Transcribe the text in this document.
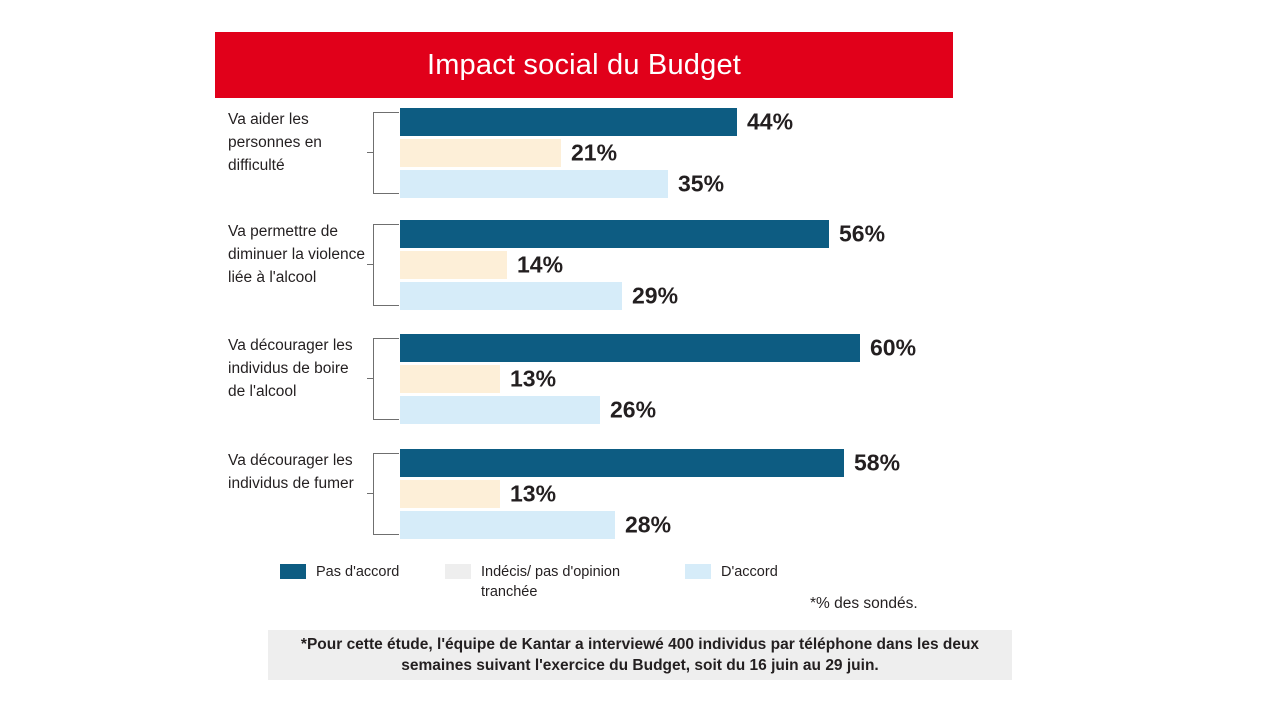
Impact social du Budget
Va aider les personnes en difficulté
44%
21%
35%
Va permettre de diminuer la violence liée à l'alcool
56%
14%
29%
Va décourager les individus de boire de l'alcool
60%
13%
26%
Va décourager les individus de fumer
58%
13%
28%
Pas d'accord	Indécis/ pas d'opinion tranchée
D'accord
*% des sondés.
*Pour cette étude, l'équipe de Kantar a interviewé 400 individus par téléphone dans les deux semaines suivant l'exercice du Budget, soit du 16 juin au 29 juin.
